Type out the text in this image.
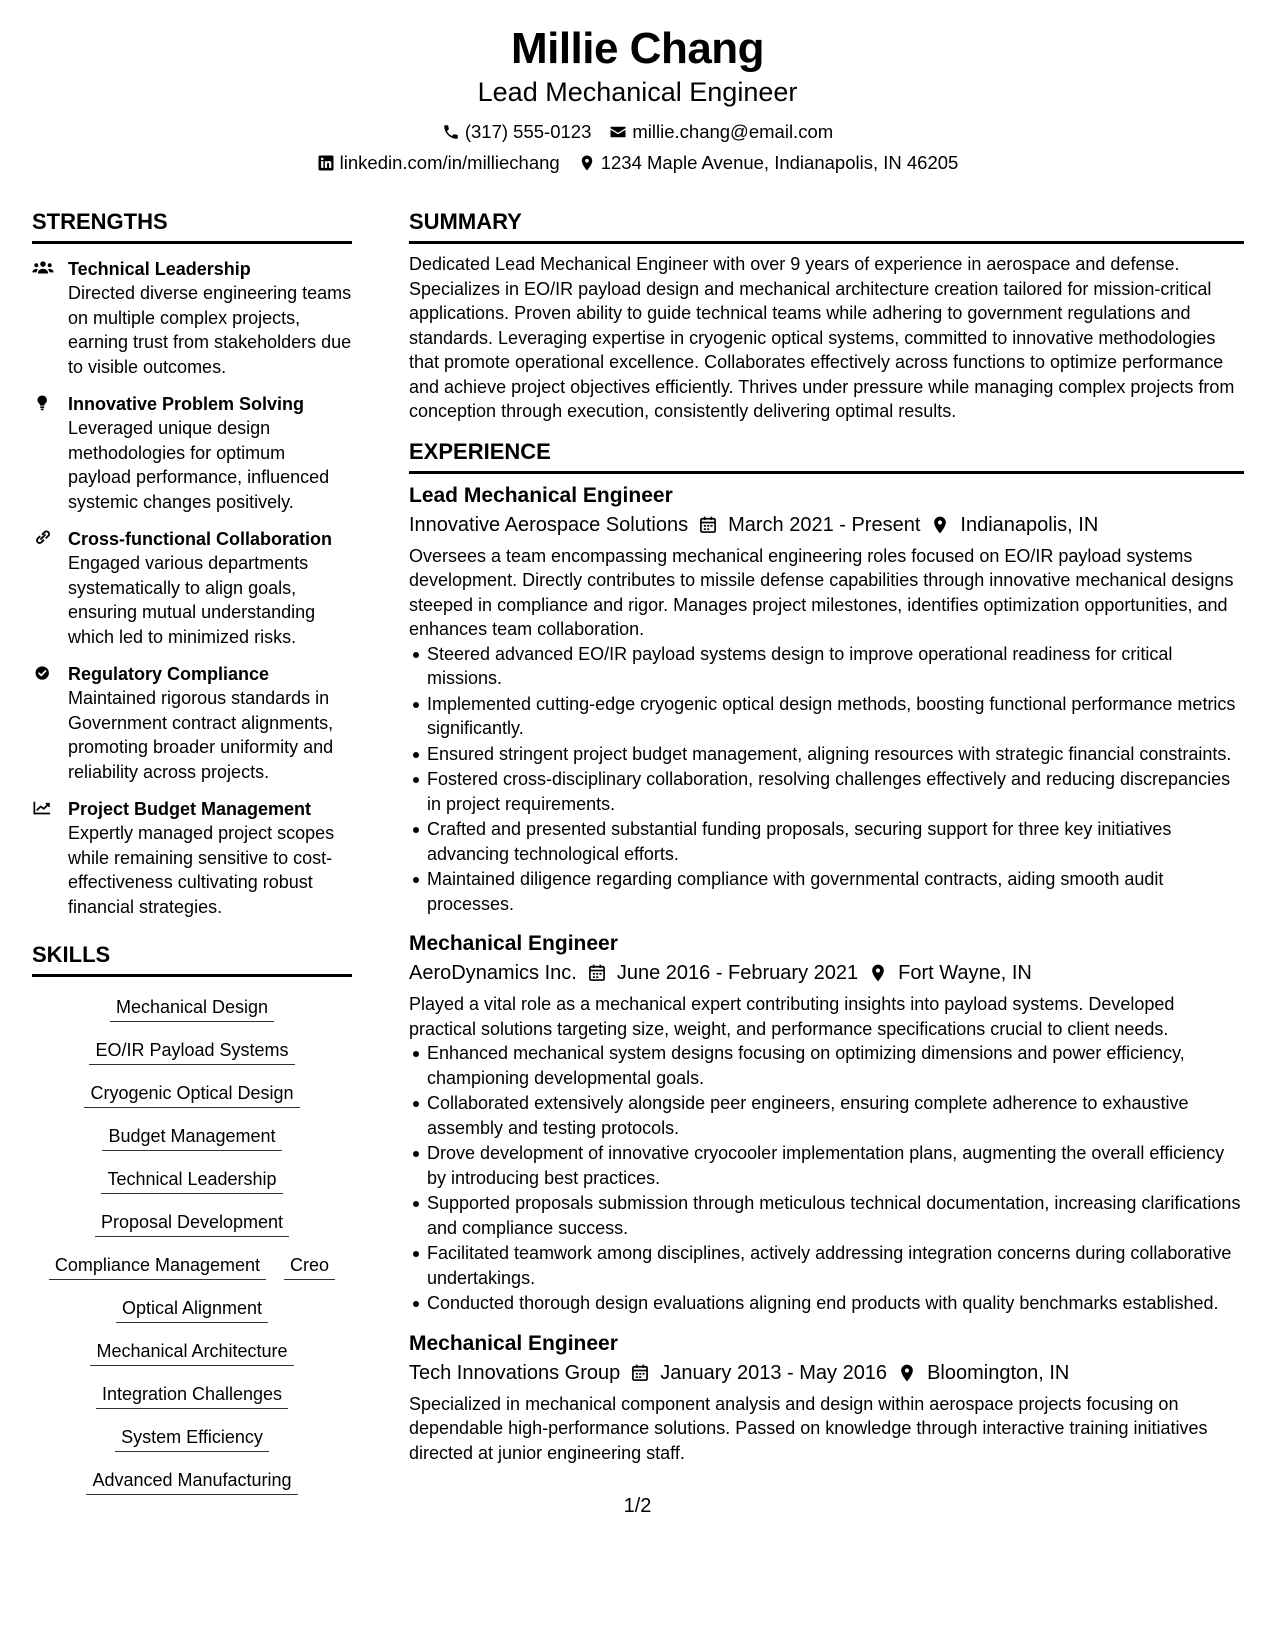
Millie Chang
Lead Mechanical Engineer
(317) 555-0123 millie.chang@email.com
linkedin.com/in/milliechang 1234 Maple Avenue, Indianapolis, IN 46205
STRENGTHS
Technical Leadership
Directed diverse engineering teams on multiple complex projects, earning trust from stakeholders due to visible outcomes.
Innovative Problem Solving
Leveraged unique design methodologies for optimum payload performance, influenced systemic changes positively.
Cross-functional Collaboration
Engaged various departments systematically to align goals, ensuring mutual understanding which led to minimized risks.
Regulatory Compliance
Maintained rigorous standards in Government contract alignments, promoting broader uniformity and reliability across projects.
Project Budget Management
Expertly managed project scopes while remaining sensitive to cost-effectiveness cultivating robust financial strategies.
SKILLS
Mechanical Design
EO/IR Payload Systems
Cryogenic Optical Design
Budget Management
Technical Leadership
Proposal Development
Compliance Management	Creo
Optical Alignment
Mechanical Architecture
Integration Challenges
System Efficiency
Advanced Manufacturing
SUMMARY
Dedicated Lead Mechanical Engineer with over 9 years of experience in aerospace and defense. Specializes in EO/IR payload design and mechanical architecture creation tailored for mission-critical applications. Proven ability to guide technical teams while adhering to government regulations and standards. Leveraging expertise in cryogenic optical systems, committed to innovative methodologies that promote operational excellence. Collaborates effectively across functions to optimize performance and achieve project objectives efficiently. Thrives under pressure while managing complex projects from conception through execution, consistently delivering optimal results.
EXPERIENCE
Lead Mechanical Engineer
Innovative Aerospace Solutions March 2021 - Present Indianapolis, IN
Oversees a team encompassing mechanical engineering roles focused on EO/IR payload systems development. Directly contributes to missile defense capabilities through innovative mechanical designs steeped in compliance and rigor. Manages project milestones, identifies optimization opportunities, and enhances team collaboration.
Steered advanced EO/IR payload systems design to improve operational readiness for critical missions.
Implemented cutting-edge cryogenic optical design methods, boosting functional performance metrics significantly.
Ensured stringent project budget management, aligning resources with strategic financial constraints.
Fostered cross-disciplinary collaboration, resolving challenges effectively and reducing discrepancies in project requirements.
Crafted and presented substantial funding proposals, securing support for three key initiatives advancing technological efforts.
Maintained diligence regarding compliance with governmental contracts, aiding smooth audit processes.
Mechanical Engineer
AeroDynamics Inc. June 2016 - February 2021 Fort Wayne, IN
Played a vital role as a mechanical expert contributing insights into payload systems. Developed practical solutions targeting size, weight, and performance specifications crucial to client needs.
Enhanced mechanical system designs focusing on optimizing dimensions and power efficiency, championing developmental goals.
Collaborated extensively alongside peer engineers, ensuring complete adherence to exhaustive assembly and testing protocols.
Drove development of innovative cryocooler implementation plans, augmenting the overall efficiency by introducing best practices.
Supported proposals submission through meticulous technical documentation, increasing clarifications and compliance success.
Facilitated teamwork among disciplines, actively addressing integration concerns during collaborative undertakings.
Conducted thorough design evaluations aligning end products with quality benchmarks established.
Mechanical Engineer
Tech Innovations Group January 2013 - May 2016 Bloomington, IN
Specialized in mechanical component analysis and design within aerospace projects focusing on dependable high-performance solutions. Passed on knowledge through interactive training initiatives directed at junior engineering staff.
1/2
